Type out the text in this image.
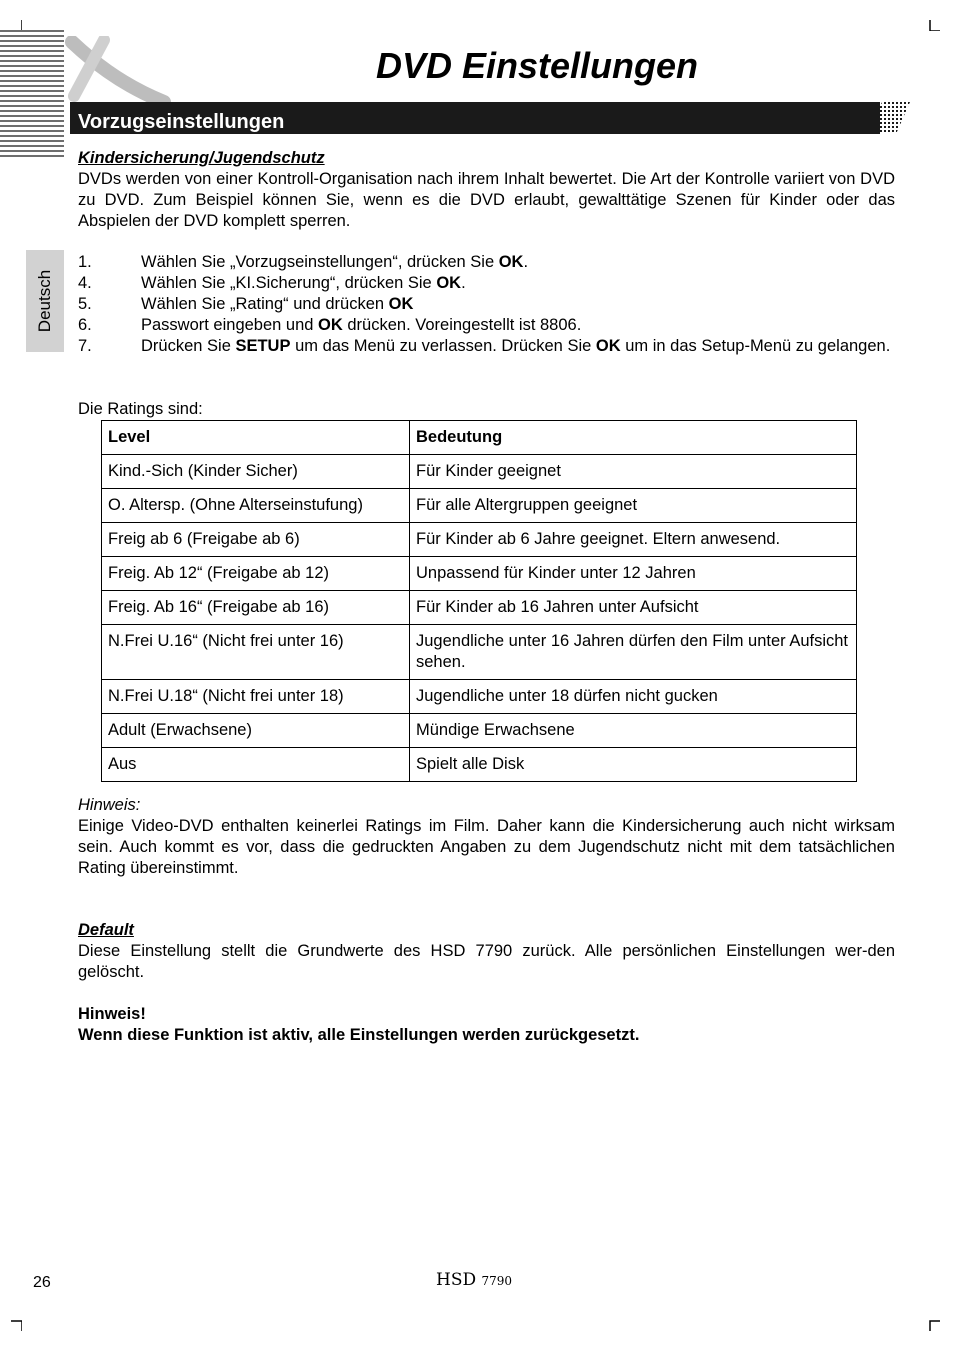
DVD Einstellungen
Vorzugseinstellungen
Deutsch
Kindersicherung/Jugendschutz
DVDs werden von einer Kontroll-Organisation nach ihrem Inhalt bewertet. Die Art der Kontrolle variiert von DVD zu DVD. Zum Beispiel können Sie, wenn es die DVD erlaubt, gewalttätige Szenen für Kinder oder das Abspielen der DVD komplett sperren.
1.	Wählen Sie „Vorzugseinstellungen“, drücken Sie OK.
4.	Wählen Sie „KI.Sicherung“, drücken Sie OK.
5.	Wählen Sie „Rating“ und drücken OK
6.	Passwort eingeben und OK drücken. Voreingestellt ist 8806.
7.	Drücken Sie SETUP um das Menü zu verlassen. Drücken Sie OK um in das Setup-Menü zu gelangen.
Die Ratings sind:
Level	Bedeutung
Kind.-Sich (Kinder Sicher)	Für Kinder geeignet
O. Altersp. (Ohne Alterseinstufung)	Für alle Altergruppen geeignet
Freig ab 6 (Freigabe ab 6)	Für Kinder ab 6 Jahre geeignet. Eltern anwesend.
Freig. Ab 12“ (Freigabe ab 12)	Unpassend für Kinder unter 12 Jahren
Freig. Ab 16“ (Freigabe ab 16)	Für Kinder ab 16 Jahren unter Aufsicht
N.Frei U.16“ (Nicht frei unter 16)	Jugendliche unter 16 Jahren dürfen den Film unter Aufsicht sehen.
N.Frei U.18“ (Nicht frei unter 18)	Jugendliche unter 18 dürfen nicht gucken
Adult (Erwachsene)	Mündige Erwachsene
Aus	Spielt alle Disk
Hinweis:
Einige Video-DVD enthalten keinerlei Ratings im Film. Daher kann die Kindersicherung auch nicht wirksam sein. Auch kommt es vor, dass die gedruckten Angaben zu dem Jugendschutz nicht mit dem tatsächlichen Rating übereinstimmt.
Default
Diese Einstellung stellt die Grundwerte des HSD 7790 zurück. Alle persönlichen Einstellungen wer-den gelöscht.
Hinweis!
Wenn diese Funktion ist aktiv, alle Einstellungen werden zurückgesetzt.
26	HSD 7790
